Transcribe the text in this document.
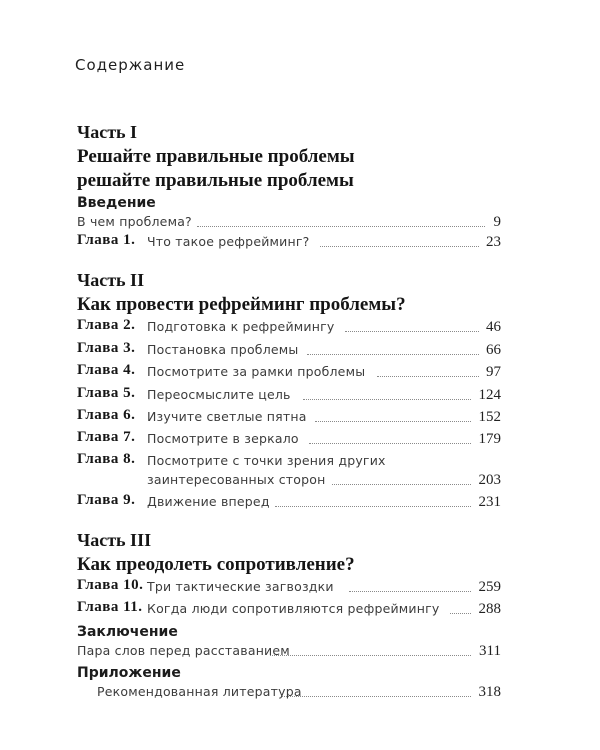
Содержание
Часть I
Решайте правильные проблемы
решайте правильные проблемы
Введение
В чем проблема?	9
Глава 1. Что такое рефрейминг?	23
Часть II
Как провести рефрейминг проблемы?
Глава 2. Подготовка к рефреймингу	46
Глава 3. Постановка проблемы	66
Глава 4. Посмотрите за рамки проблемы	97
Глава 5. Переосмыслите цель	124
Глава 6. Изучите светлые пятна	152
Глава 7. Посмотрите в зеркало	179
Глава 8. Посмотрите с точки зрения других
заинтересованных сторон	203
Глава 9. Движение вперед	231
Часть III
Как преодолеть сопротивление?
Глава 10. Три тактические загвоздки	259
Глава 11. Когда люди сопротивляются рефреймингу	288
Заключение
Пара слов перед расставанием	311
Приложение
Рекомендованная литература	318
